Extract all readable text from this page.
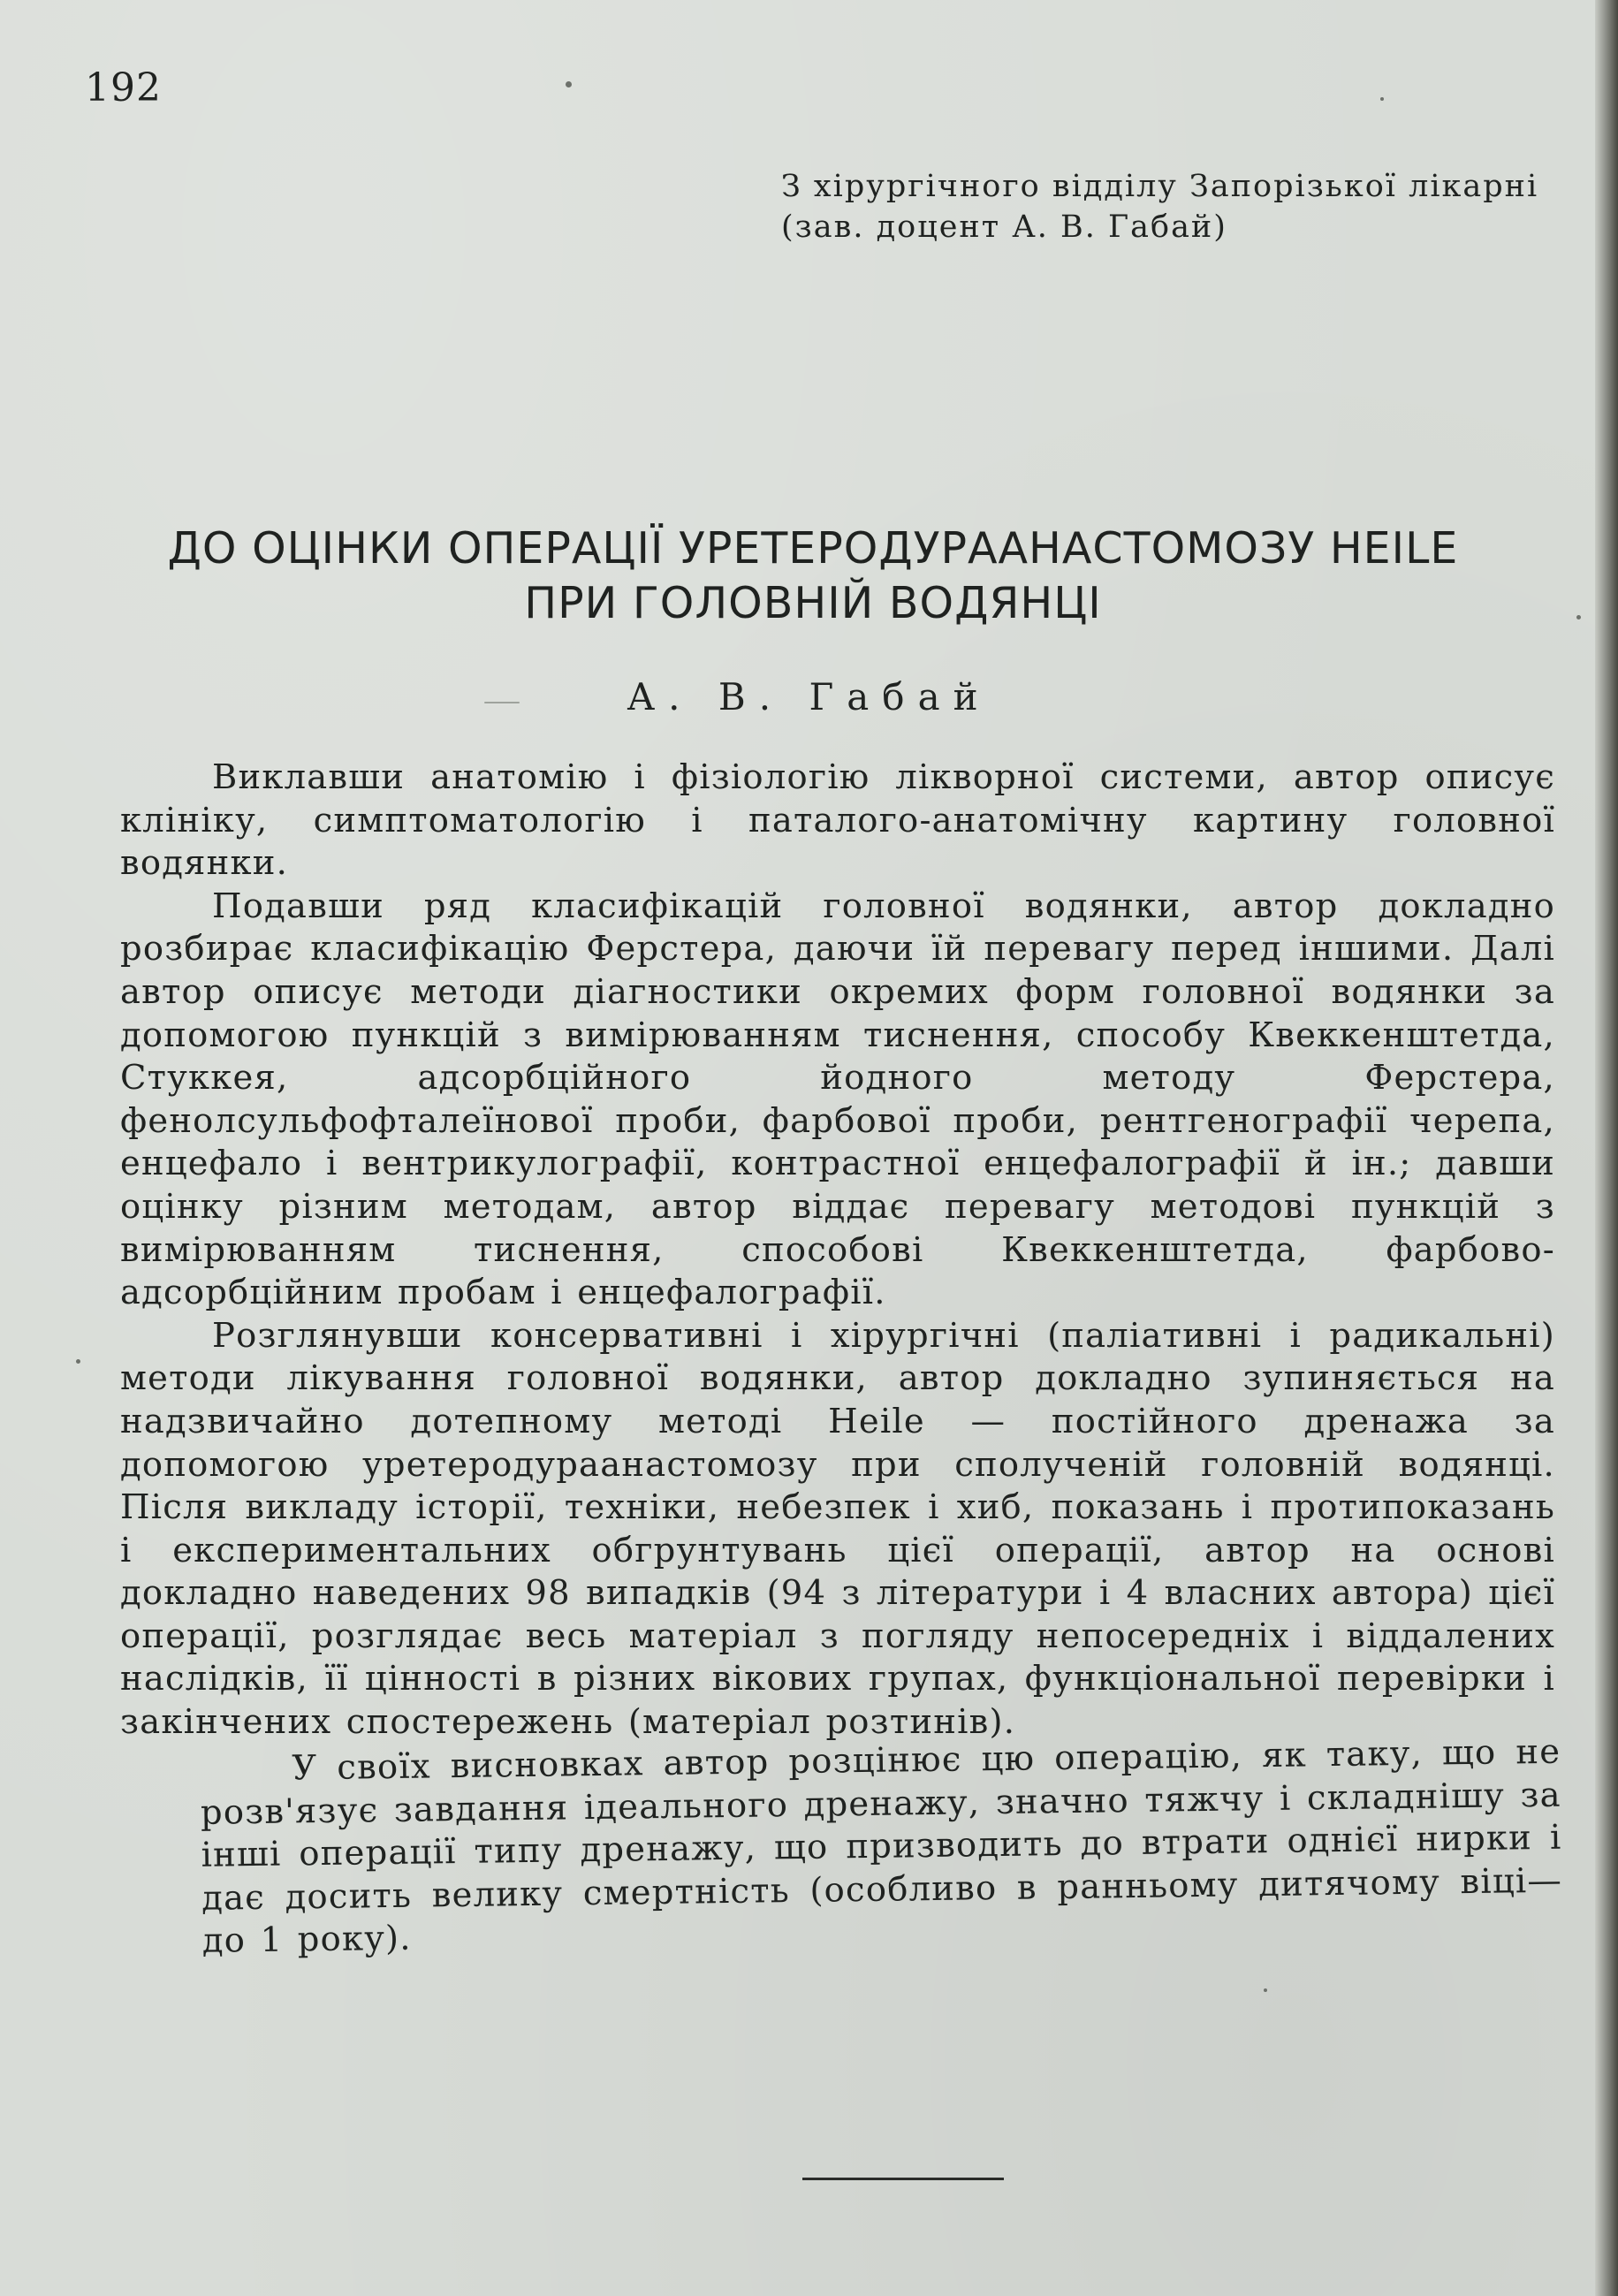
192
З хірургічного відділу Запорізької лікарні
(зав. доцент А. В. Габай)
ДО ОЦІНКИ ОПЕРАЦІЇ УРЕТЕРОДУРААНАСТОМОЗУ HEILE
ПРИ ГОЛОВНІЙ ВОДЯНЦІ
А. В. Габай

Виклавши анатомію і фізіологію лікворної системи, автор описує клініку, симптоматологію і паталого-анатомічну картину головної водянки.

Подавши ряд класифікацій головної водянки, автор докладно розбирає класифікацію Ферстера, даючи їй перевагу перед іншими. Далі автор описує методи діагностики окремих форм головної водянки за допомогою пункцій з вимірюванням тиснення, способу Квеккенштетда, Стуккея, адсорбційного йодного методу Ферстера, фенолсульфофталеїнової проби, фарбової проби, рентгенографії черепа, енцефало і вентрикулографії, контрастної енцефалографії й ін.; давши оцінку різним методам, автор віддає перевагу методові пункцій з вимірюванням тиснення, способові Квеккенштетда, фарбово-адсорбційним пробам і енцефалографії.

Розглянувши консервативні і хірургічні (паліативні і радикальні) методи лікування головної водянки, автор докладно зупиняється на надзвичайно дотепному методі Heile — постійного дренажа за допомогою уретеродураанастомозу при сполученій головній водянці. Після викладу історії, техніки, небезпек і хиб, показань і протипоказань і експериментальних обгрунтувань цієї операції, автор на основі докладно наведених 98 випадків (94 з літератури і 4 власних автора) цієї операції, розглядає весь матеріал з погляду непосередніх і віддалених наслідків, її цінності в різних вікових групах, функціональної перевірки і закінчених спостережень (матеріал розтинів).

У своїх висновках автор розцінює цю операцію, як таку, що не розв'язує завдання ідеального дренажу, значно тяжчу і складнішу за інші операції типу дренажу, що призводить до втрати однієї нирки і дає досить велику смертність (особливо в ранньому дитячому віці—до 1 року).
